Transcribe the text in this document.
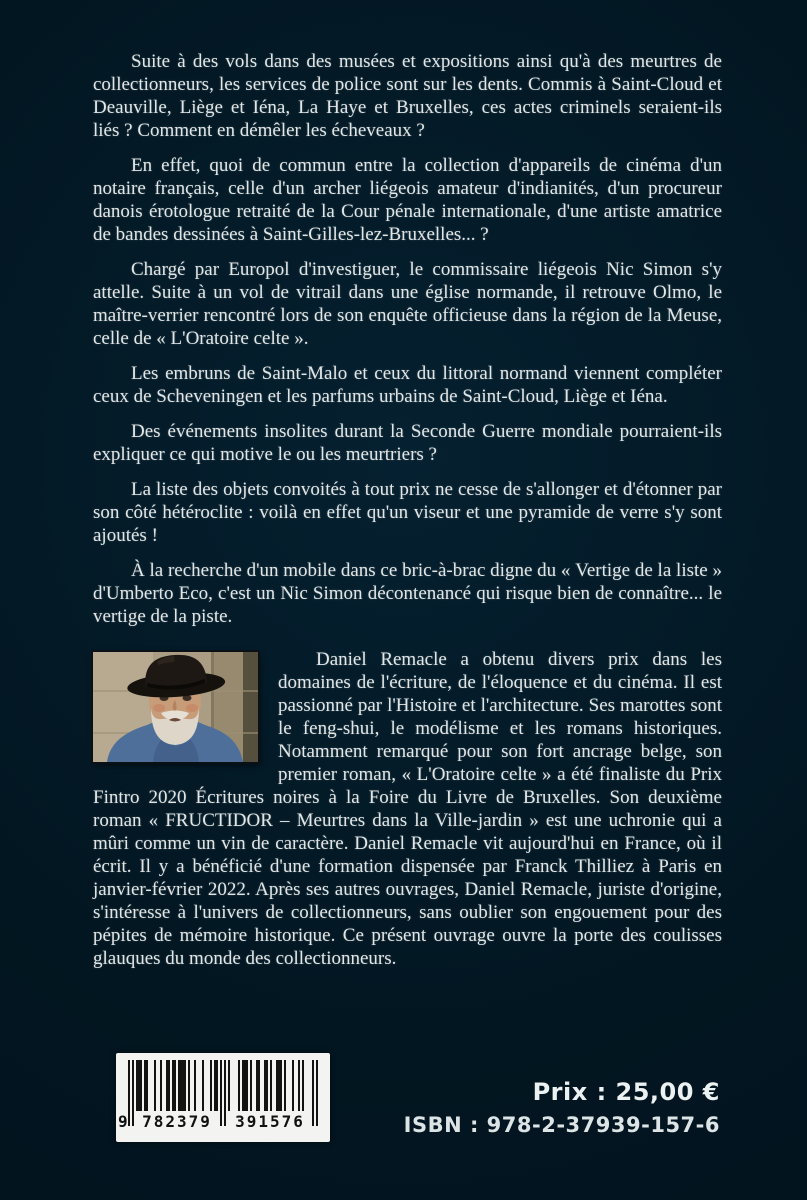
Suite à des vols dans des musées et expositions ainsi qu'à des meurtres de collectionneurs, les services de police sont sur les dents. Commis à Saint-Cloud et Deauville, Liège et Iéna, La Haye et Bruxelles, ces actes criminels seraient-ils liés ? Comment en démêler les écheveaux ?

En effet, quoi de commun entre la collection d'appareils de cinéma d'un notaire français, celle d'un archer liégeois amateur d'indianités, d'un procureur danois érotologue retraité de la Cour pénale internationale, d'une artiste amatrice de bandes dessinées à Saint-Gilles-lez-Bruxelles... ?

Chargé par Europol d'investiguer, le commissaire liégeois Nic Simon s'y attelle. Suite à un vol de vitrail dans une église normande, il retrouve Olmo, le maître-verrier rencontré lors de son enquête officieuse dans la région de la Meuse, celle de « L'Oratoire celte ».

Les embruns de Saint-Malo et ceux du littoral normand viennent compléter ceux de Scheveningen et les parfums urbains de Saint-Cloud, Liège et Iéna.

Des événements insolites durant la Seconde Guerre mondiale pourraient-ils expliquer ce qui motive le ou les meurtriers ?

La liste des objets convoités à tout prix ne cesse de s'allonger et d'étonner par son côté hétéroclite : voilà en effet qu'un viseur et une pyramide de verre s'y sont ajoutés !

À la recherche d'un mobile dans ce bric-à-brac digne du « Vertige de la liste » d'Umberto Eco, c'est un Nic Simon décontenancé qui risque bien de connaître... le vertige de la piste.

Daniel Remacle a obtenu divers prix dans les domaines de l'écriture, de l'éloquence et du cinéma. Il est passionné par l'Histoire et l'architecture. Ses marottes sont le feng-shui, le modélisme et les romans historiques. Notamment remarqué pour son fort ancrage belge, son premier roman, « L'Oratoire celte » a été finaliste du Prix Fintro 2020 Écritures noires à la Foire du Livre de Bruxelles. Son deuxième roman « FRUCTIDOR – Meurtres dans la Ville-jardin » est une uchronie qui a mûri comme un vin de caractère. Daniel Remacle vit aujourd'hui en France, où il écrit. Il y a bénéficié d'une formation dispensée par Franck Thilliez à Paris en janvier-février 2022. Après ses autres ouvrages, Daniel Remacle, juriste d'origine, s'intéresse à l'univers de collectionneurs, sans oublier son engouement pour des pépites de mémoire historique. Ce présent ouvrage ouvre la porte des coulisses glauques du monde des collectionneurs.

9 782379	391576
Prix : 25,00 €
ISBN : 978-2-37939-157-6
